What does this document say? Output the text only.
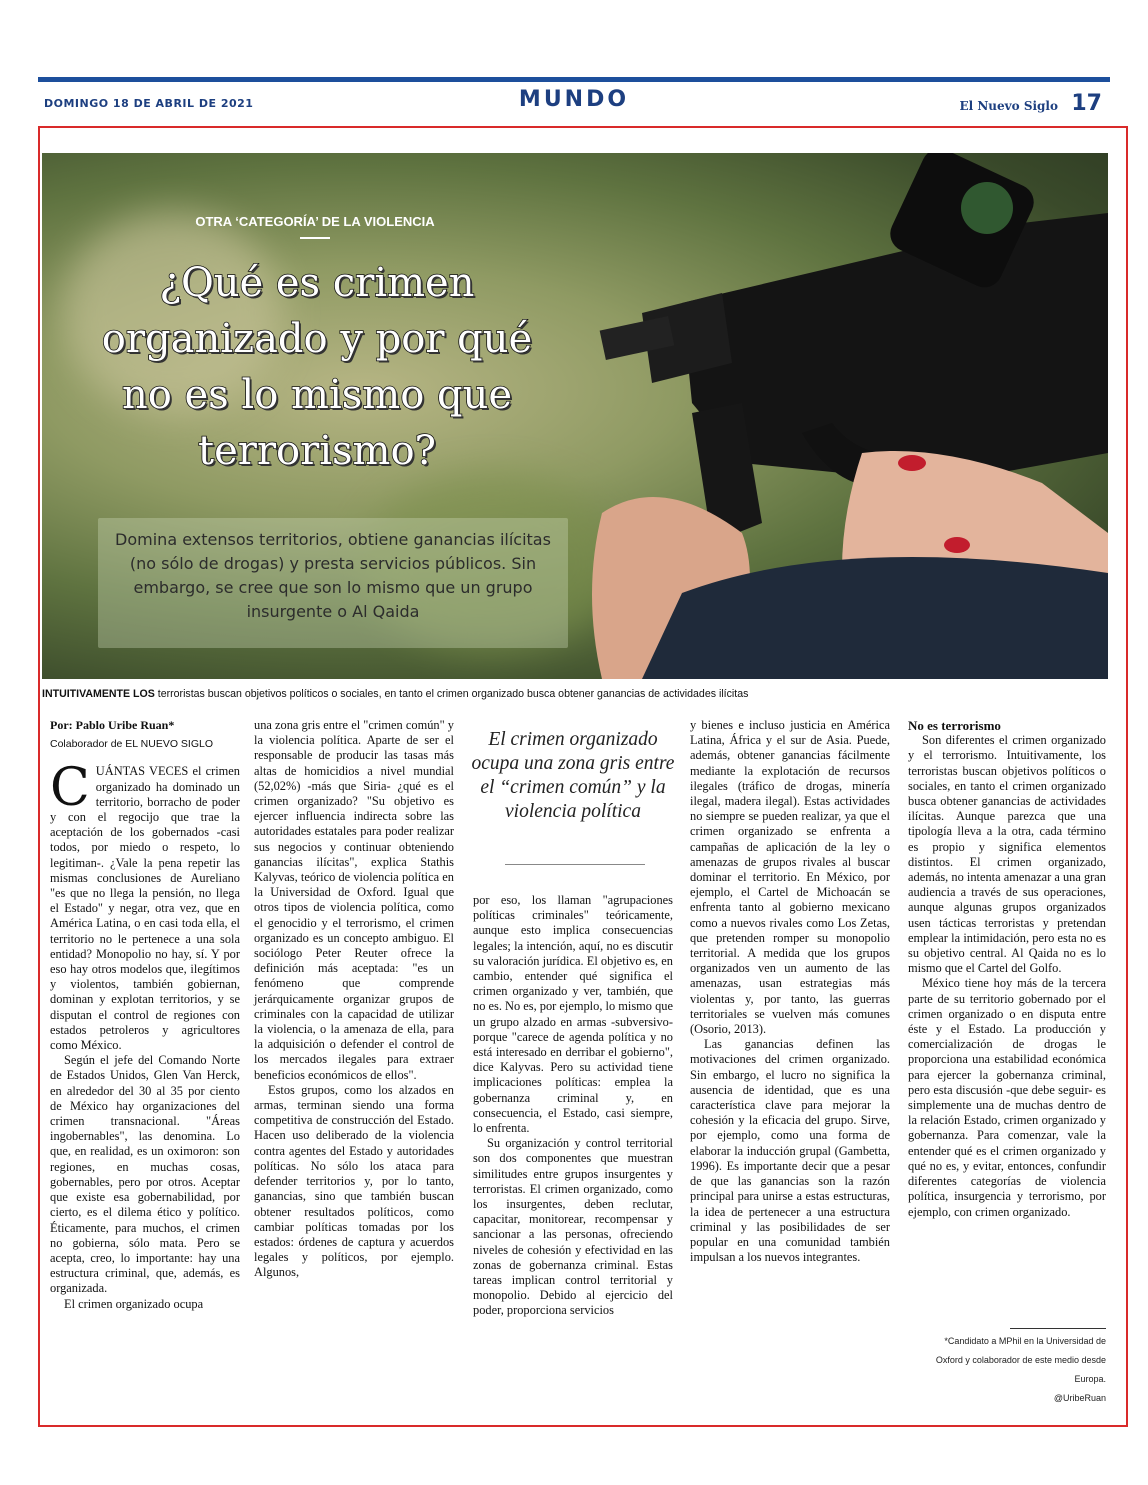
DOMINGO 18 DE ABRIL DE 2021	MUNDO	El Nuevo Siglo 17
OTRA ‘CATEGORÍA’ DE LA VIOLENCIA
¿Qué es crimen
organizado y por qué
no es lo mismo que
terrorismo?

Domina extensos territorios, obtiene ganancias ilícitas (no sólo de drogas) y presta servicios públicos. Sin embargo, se cree que son lo mismo que un grupo insurgente o Al Qaida

INTUITIVAMENTE LOS terroristas buscan objetivos políticos o sociales, en tanto el crimen organizado busca obtener ganancias de actividades ilícitas
Por: Pablo Uribe Ruan*
Colaborador de EL NUEVO SIGLO

CUÁNTAS VECES el crimen organizado ha dominado un territorio, borracho de poder y con el regocijo que trae la aceptación de los gobernados -casi todos, por miedo o respeto, lo legitiman-. ¿Vale la pena repetir las mismas conclusiones de Aureliano "es que no llega la pensión, no llega el Estado" y negar, otra vez, que en América Latina, o en casi toda ella, el territorio no le pertenece a una sola entidad? Monopolio no hay, sí. Y por eso hay otros modelos que, ilegítimos y violentos, también gobiernan, dominan y explotan territorios, y se disputan el control de regiones con estados petroleros y agricultores como México.

Según el jefe del Comando Norte de Estados Unidos, Glen Van Herck, en alrededor del 30 al 35 por ciento de México hay organizaciones del crimen transnacional. "Áreas ingobernables", las denomina. Lo que, en realidad, es un oximoron: son regiones, en muchas cosas, gobernables, pero por otros. Aceptar que existe esa gobernabilidad, por cierto, es el dilema ético y político. Éticamente, para muchos, el crimen no gobierna, sólo mata. Pero se acepta, creo, lo importante: hay una estructura criminal, que, además, es organizada.

El crimen organizado ocupa

una zona gris entre el "crimen común" y la violencia política. Aparte de ser el responsable de producir las tasas más altas de homicidios a nivel mundial (52,02%) -más que Siria- ¿qué es el crimen organizado? "Su objetivo es ejercer influencia indirecta sobre las autoridades estatales para poder realizar sus negocios y continuar obteniendo ganancias ilícitas", explica Stathis Kalyvas, teórico de violencia política en la Universidad de Oxford. Igual que otros tipos de violencia política, como el genocidio y el terrorismo, el crimen organizado es un concepto ambiguo. El sociólogo Peter Reuter ofrece la definición más aceptada: "es un fenómeno que comprende jerárquicamente organizar grupos de criminales con la capacidad de utilizar la violencia, o la amenaza de ella, para la adquisición o defender el control de los mercados ilegales para extraer beneficios económicos de ellos".

Estos grupos, como los alzados en armas, terminan siendo una forma competitiva de construcción del Estado. Hacen uso deliberado de la violencia contra agentes del Estado y autoridades políticas. No sólo los ataca para defender territorios y, por lo tanto, ganancias, sino que también buscan obtener resultados políticos, como cambiar políticas tomadas por los estados: órdenes de captura y acuerdos legales y políticos, por ejemplo. Algunos,

El crimen organizado ocupa una zona gris entre el “crimen común” y la violencia política

por eso, los llaman "agrupaciones políticas criminales" teóricamente, aunque esto implica consecuencias legales; la intención, aquí, no es discutir su valoración jurídica. El objetivo es, en cambio, entender qué significa el crimen organizado y ver, también, que no es. No es, por ejemplo, lo mismo que un grupo alzado en armas -subversivo- porque "carece de agenda política y no está interesado en derribar el gobierno", dice Kalyvas. Pero su actividad tiene implicaciones políticas: emplea la gobernanza criminal y, en consecuencia, el Estado, casi siempre, lo enfrenta.

Su organización y control territorial son dos componentes que muestran similitudes entre grupos insurgentes y terroristas. El crimen organizado, como los insurgentes, deben reclutar, capacitar, monitorear, recompensar y sancionar a las personas, ofreciendo niveles de cohesión y efectividad en las zonas de gobernanza criminal. Estas tareas implican control territorial y monopolio. Debido al ejercicio del poder, proporciona servicios

y bienes e incluso justicia en América Latina, África y el sur de Asia. Puede, además, obtener ganancias fácilmente mediante la explotación de recursos ilegales (tráfico de drogas, minería ilegal, madera ilegal). Estas actividades no siempre se pueden realizar, ya que el crimen organizado se enfrenta a campañas de aplicación de la ley o amenazas de grupos rivales al buscar dominar el territorio. En México, por ejemplo, el Cartel de Michoacán se enfrenta tanto al gobierno mexicano como a nuevos rivales como Los Zetas, que pretenden romper su monopolio territorial. A medida que los grupos organizados ven un aumento de las amenazas, usan estrategias más violentas y, por tanto, las guerras territoriales se vuelven más comunes (Osorio, 2013).

Las ganancias definen las motivaciones del crimen organizado. Sin embargo, el lucro no significa la ausencia de identidad, que es una característica clave para mejorar la cohesión y la eficacia del grupo. Sirve, por ejemplo, como una forma de elaborar la inducción grupal (Gambetta, 1996). Es importante decir que a pesar de que las ganancias son la razón principal para unirse a estas estructuras, la idea de pertenecer a una estructura criminal y las posibilidades de ser popular en una comunidad también impulsan a los nuevos integrantes.

No es terrorismo

Son diferentes el crimen organizado y el terrorismo. Intuitivamente, los terroristas buscan objetivos políticos o sociales, en tanto el crimen organizado busca obtener ganancias de actividades ilícitas. Aunque parezca que una tipología lleva a la otra, cada término es propio y significa elementos distintos. El crimen organizado, además, no intenta amenazar a una gran audiencia a través de sus operaciones, aunque algunas grupos organizados usen tácticas terroristas y pretendan emplear la intimidación, pero esta no es su objetivo central. Al Qaida no es lo mismo que el Cartel del Golfo.

México tiene hoy más de la tercera parte de su territorio gobernado por el crimen organizado o en disputa entre éste y el Estado. La producción y comercialización de drogas le proporciona una estabilidad económica para ejercer la gobernanza criminal, pero esta discusión -que debe seguir- es simplemente una de muchas dentro de la relación Estado, crimen organizado y gobernanza. Para comenzar, vale la entender qué es el crimen organizado y qué no es, y evitar, entonces, confundir diferentes categorías de violencia política, insurgencia y terrorismo, por ejemplo, con crimen organizado.

*Candidato a MPhil en la Universidad de
Oxford y colaborador de este medio desde
Europa.
@UribeRuan
